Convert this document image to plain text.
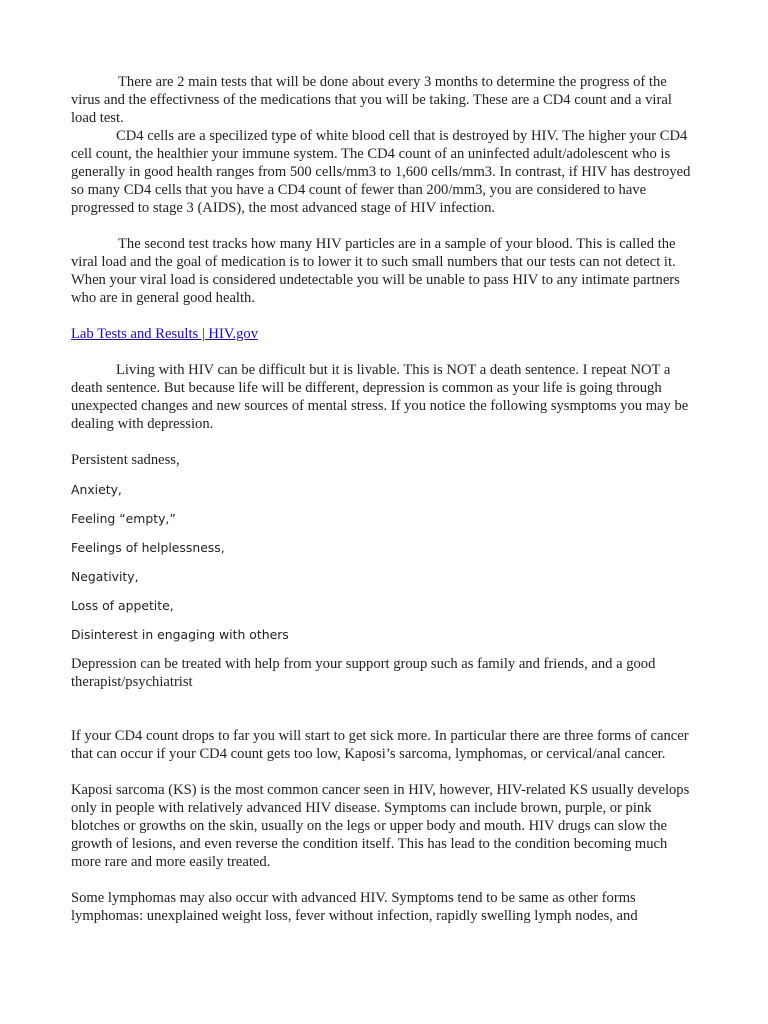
There are 2 main tests that will be done about every 3 months to determine the progress of the virus and the effectivness of the medications that you will be taking. These are a CD4 count and a viral load test.

CD4 cells are a specilized type of white blood cell that is destroyed by HIV. The higher your CD4 cell count, the healthier your immune system. The CD4 count of an uninfected adult/adolescent who is generally in good health ranges from 500 cells/mm3 to 1,600 cells/mm3. In contrast, if HIV has destroyed so many CD4 cells that you have a CD4 count of fewer than 200/mm3, you are considered to have progressed to stage 3 (AIDS), the most advanced stage of HIV infection.

The second test tracks how many HIV particles are in a sample of your blood. This is called the viral load and the goal of medication is to lower it to such small numbers that our tests can not detect it. When your viral load is considered undetectable you will be unable to pass HIV to any intimate partners who are in general good health.

Lab Tests and Results | HIV.gov

Living with HIV can be difficult but it is livable. This is NOT a death sentence. I repeat NOT a death sentence. But because life will be different, depression is common as your life is going through unexpected changes and new sources of mental stress. If you notice the following sysmptoms you may be dealing with depression.

Persistent sadness,

Anxiety,

Feeling “empty,”

Feelings of helplessness,

Negativity,

Loss of appetite,

Disinterest in engaging with others

Depression can be treated with help from your support group such as family and friends, and a good therapist/psychiatrist

If your CD4 count drops to far you will start to get sick more. In particular there are three forms of cancer that can occur if your CD4 count gets too low, Kaposi’s sarcoma, lymphomas, or cervical/anal cancer.

Kaposi sarcoma (KS) is the most common cancer seen in HIV, however, HIV-related KS usually develops only in people with relatively advanced HIV disease. Symptoms can include brown, purple, or pink blotches or growths on the skin, usually on the legs or upper body and mouth. HIV drugs can slow the growth of lesions, and even reverse the condition itself. This has lead to the condition becoming much more rare and more easily treated.

Some lymphomas may also occur with advanced HIV. Symptoms tend to be same as other forms lymphomas: unexplained weight loss, fever without infection, rapidly swelling lymph nodes, and
